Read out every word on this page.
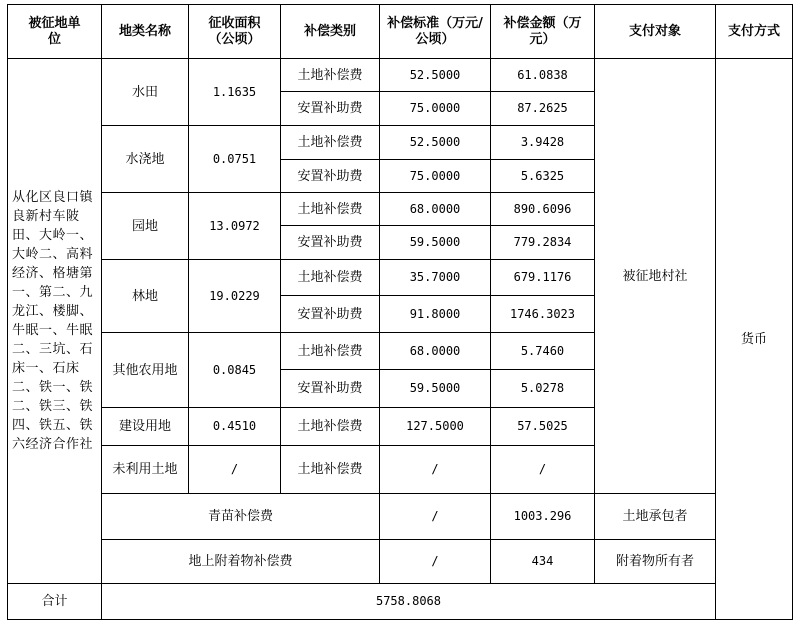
被征地单位	地类名称	征收面积（公顷）	补偿类别	补偿标准（万元/公顷）	补偿金额（万元）	支付对象	支付方式
从化区良口镇良新村车陂田、大岭一、大岭二、高料经济、格塘第一、第二、九龙江、楼脚、牛眠一、牛眠二、三坑、石床一、石床二、铁一、铁二、铁三、铁四、铁五、铁六经济合作社	水田	1.1635	土地补偿费	52.5000	61.0838	被征地村社	货币
			安置补助费	75.0000	87.2625		
	水浇地	0.0751	土地补偿费	52.5000	3.9428		
			安置补助费	75.0000	5.6325		
	园地	13.0972	土地补偿费	68.0000	890.6096		
			安置补助费	59.5000	779.2834		
	林地	19.0229	土地补偿费	35.7000	679.1176		
			安置补助费	91.8000	1746.3023		
	其他农用地	0.0845	土地补偿费	68.0000	5.7460		
			安置补助费	59.5000	5.0278		
	建设用地	0.4510	土地补偿费	127.5000	57.5025		
	未利用土地	/	土地补偿费	/	/		
	青苗补偿费			/	1003.296	土地承包者	
	地上附着物补偿费			/	434	附着物所有者	
合计	5758.8068						
